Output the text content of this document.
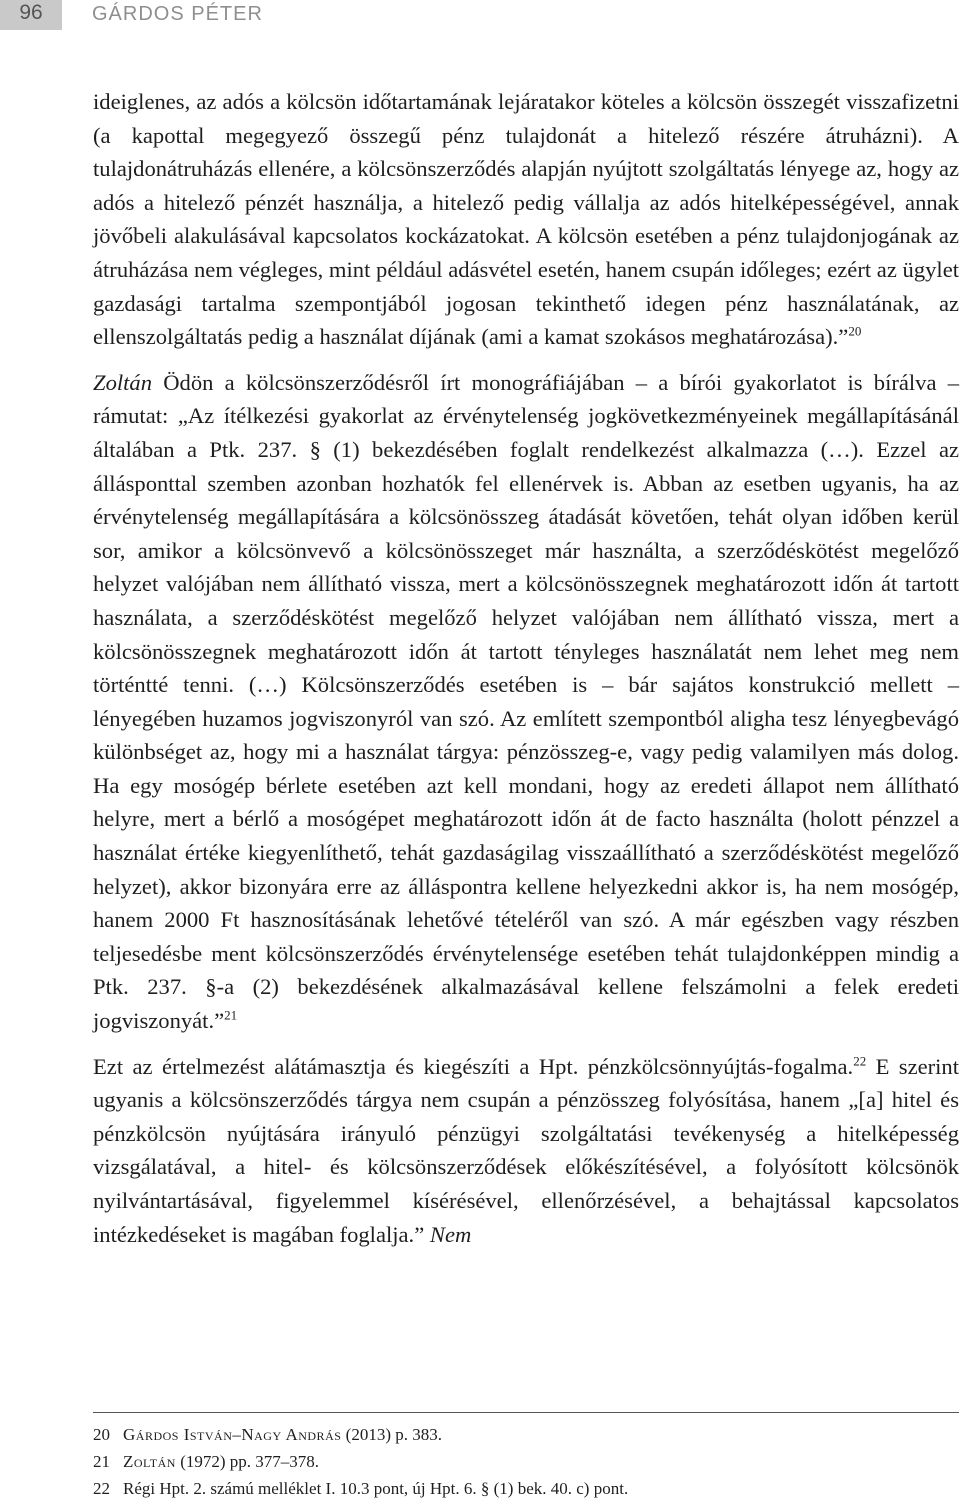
96	GÁRDOS PÉTER

ideiglenes, az adós a kölcsön időtartamának lejáratakor köteles a kölcsön összegét visszafizetni (a kapottal megegyező összegű pénz tulajdonát a hitelező részére átruházni). A tulajdonátruházás ellenére, a kölcsönszerződés alapján nyújtott szolgáltatás lényege az, hogy az adós a hitelező pénzét használja, a hitelező pedig vállalja az adós hitelképességével, annak jövőbeli alakulásával kapcsolatos kockázatokat. A kölcsön esetében a pénz tulajdonjogának az átruházása nem végleges, mint például adásvétel esetén, hanem csupán időleges; ezért az ügylet gazdasági tartalma szempontjából jogosan tekinthető idegen pénz használatának, az ellenszolgáltatás pedig a használat díjának (ami a kamat szokásos meghatározása).”$^{20}$

Zoltán Ödön a kölcsönszerződésről írt monográfiájában – a bírói gyakorlatot is bírálva – rámutat: „Az ítélkezési gyakorlat az érvénytelenség jogkövetkezményeinek megállapításánál általában a Ptk. 237. § (1) bekezdésében foglalt rendelkezést alkalmazza (…). Ezzel az állásponttal szemben azonban hozhatók fel ellenérvek is. Abban az esetben ugyanis, ha az érvénytelenség megállapítására a kölcsönösszeg átadását követően, tehát olyan időben kerül sor, amikor a kölcsönvevő a kölcsönösszeget már használta, a szerződéskötést megelőző helyzet valójában nem állítható vissza, mert a kölcsönösszegnek meghatározott időn át tartott használata, a szerződéskötést megelőző helyzet valójában nem állítható vissza, mert a kölcsönösszegnek meghatározott időn át tartott tényleges használatát nem lehet meg nem történtté tenni. (…) Kölcsönszerződés esetében is – bár sajátos konstrukció mellett – lényegében huzamos jogviszonyról van szó. Az említett szempontból aligha tesz lényegbevágó különbséget az, hogy mi a használat tárgya: pénzösszeg-e, vagy pedig valamilyen más dolog. Ha egy mosógép bérlete esetében azt kell mondani, hogy az eredeti állapot nem állítható helyre, mert a bérlő a mosógépet meghatározott időn át de facto használta (holott pénzzel a használat értéke kiegyenlíthető, tehát gazdaságilag visszaállítható a szerződéskötést megelőző helyzet), akkor bizonyára erre az álláspontra kellene helyezkedni akkor is, ha nem mosógép, hanem 2000 Ft hasznosításának lehetővé tételéről van szó. A már egészben vagy részben teljesedésbe ment kölcsönszerződés érvénytelensége esetében tehát tulajdonképpen mindig a Ptk. 237. §-a (2) bekezdésének alkalmazásával kellene felszámolni a felek eredeti jogviszonyát.”$^{21}$

Ezt az értelmezést alátámasztja és kiegészíti a Hpt. pénzkölcsönnyújtás-fogalma.$^{22}$ E szerint ugyanis a kölcsönszerződés tárgya nem csupán a pénzösszeg folyósítása, hanem „[a] hitel és pénzkölcsön nyújtására irányuló pénzügyi szolgáltatási tevékenység a hitelképesség vizsgálatával, a hitel- és kölcsönszerződések előkészítésével, a folyósított kölcsönök nyilvántartásával, figyelemmel kísérésével, ellenőrzésével, a behajtással kapcsolatos intézkedéseket is magában foglalja.” Nem

20 Gárdos István–Nagy András (2013) p. 383.
21 Zoltán (1972) pp. 377–378.
22 Régi Hpt. 2. számú melléklet I. 10.3 pont, új Hpt. 6. § (1) bek. 40. c) pont.
